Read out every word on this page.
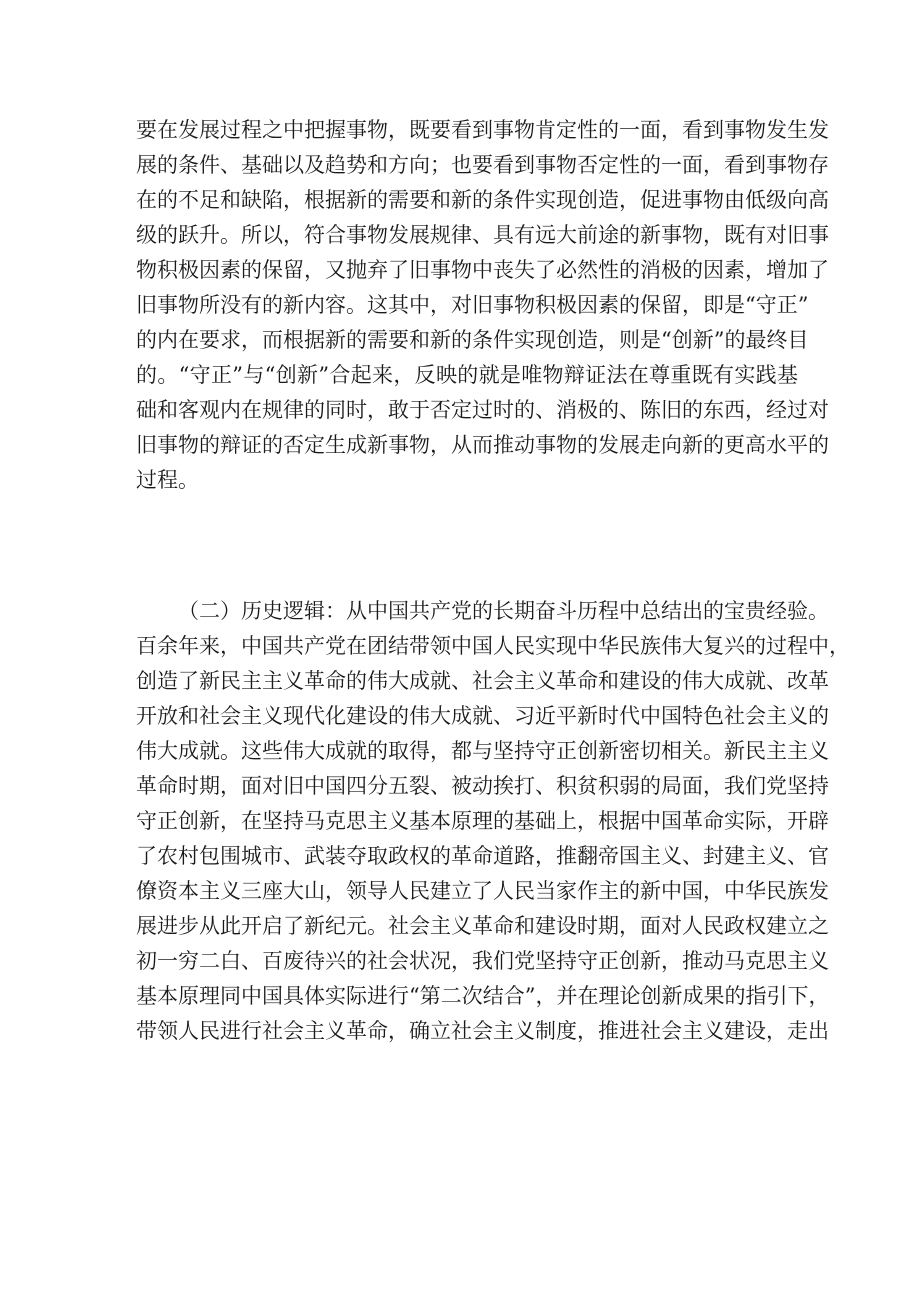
要在发展过程之中把握事物，既要看到事物肯定性的一面，看到事物发生发
展的条件、基础以及趋势和方向；也要看到事物否定性的一面，看到事物存
在的不足和缺陷，根据新的需要和新的条件实现创造，促进事物由低级向高
级的跃升。所以，符合事物发展规律、具有远大前途的新事物，既有对旧事
物积极因素的保留，又抛弃了旧事物中丧失了必然性的消极的因素，增加了
旧事物所没有的新内容。这其中，对旧事物积极因素的保留，即是“守正”
的内在要求，而根据新的需要和新的条件实现创造，则是“创新”的最终目
的。“守正”与“创新”合起来，反映的就是唯物辩证法在尊重既有实践基
础和客观内在规律的同时，敢于否定过时的、消极的、陈旧的东西，经过对
旧事物的辩证的否定生成新事物，从而推动事物的发展走向新的更高水平的
过程。
（二）历史逻辑：从中国共产党的长期奋斗历程中总结出的宝贵经验。
百余年来，中国共产党在团结带领中国人民实现中华民族伟大复兴的过程中，
创造了新民主主义革命的伟大成就、社会主义革命和建设的伟大成就、改革
开放和社会主义现代化建设的伟大成就、习近平新时代中国特色社会主义的
伟大成就。这些伟大成就的取得，都与坚持守正创新密切相关。新民主主义
革命时期，面对旧中国四分五裂、被动挨打、积贫积弱的局面，我们党坚持
守正创新，在坚持马克思主义基本原理的基础上，根据中国革命实际，开辟
了农村包围城市、武装夺取政权的革命道路，推翻帝国主义、封建主义、官
僚资本主义三座大山，领导人民建立了人民当家作主的新中国，中华民族发
展进步从此开启了新纪元。社会主义革命和建设时期，面对人民政权建立之
初一穷二白、百废待兴的社会状况，我们党坚持守正创新，推动马克思主义
基本原理同中国具体实际进行“第二次结合”，并在理论创新成果的指引下，
带领人民进行社会主义革命，确立社会主义制度，推进社会主义建设，走出
